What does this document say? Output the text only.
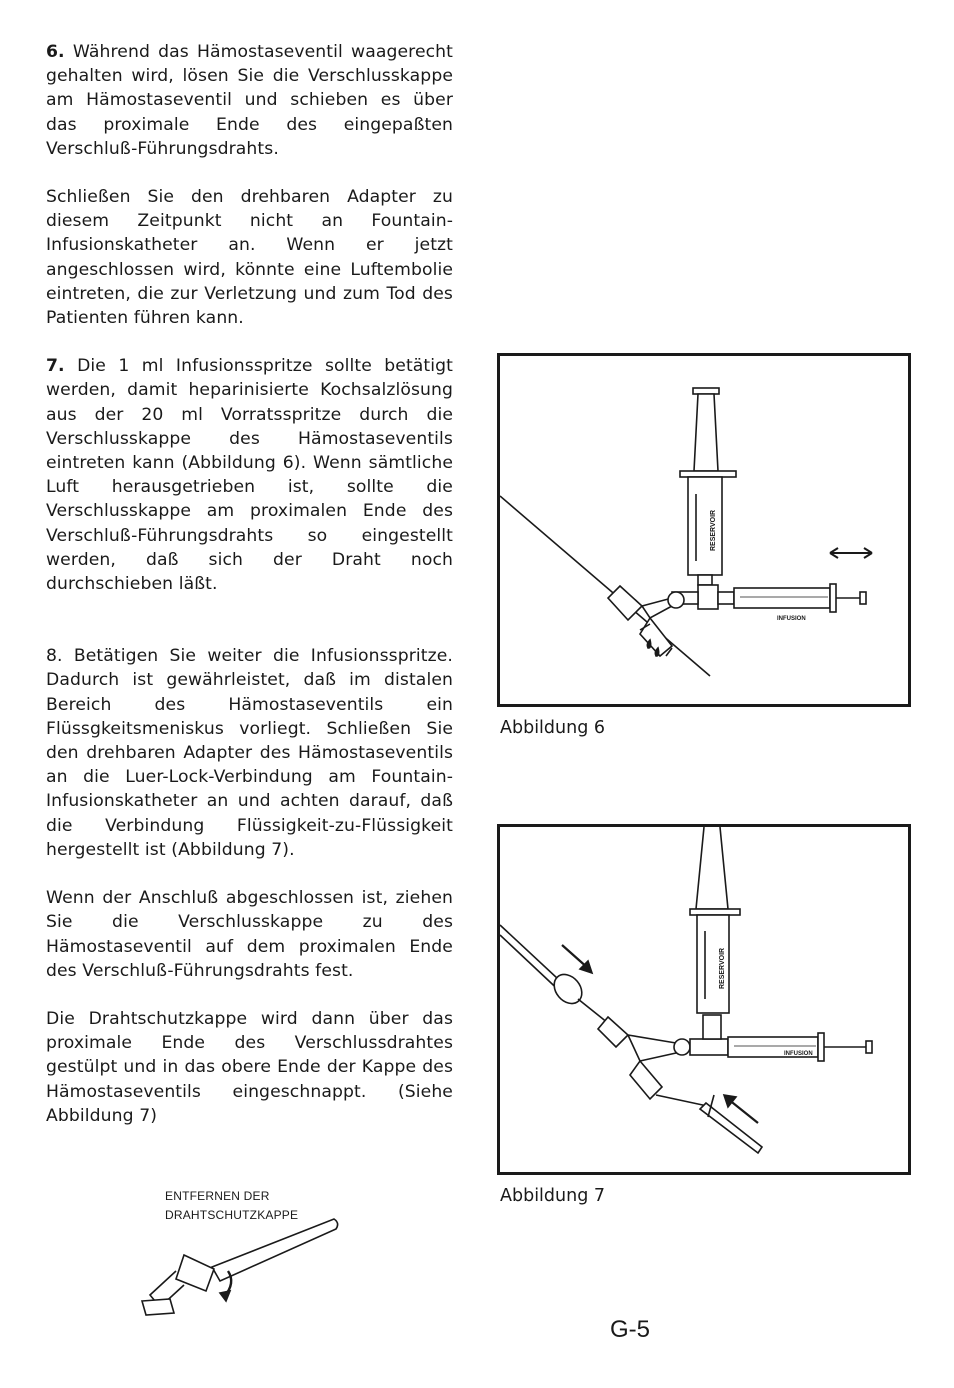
6. Während das Hämostaseventil waagerecht gehalten wird, lösen Sie die Verschlusskappe am Hämostaseventil und schieben es über das proximale Ende des eingepaßten Verschluß-Führungsdrahts.

Schließen Sie den drehbaren Adapter zu diesem Zeitpunkt nicht an Fountain-Infusionskatheter an. Wenn er jetzt angeschlossen wird, könnte eine Luftembolie eintreten, die zur Verletzung und zum Tod des Patienten führen kann.

7. Die 1 ml Infusionsspritze sollte betätigt werden, damit heparinisierte Kochsalzlösung aus der 20 ml Vorratsspritze durch die Verschlusskappe des Hämostaseventils eintreten kann (Abbildung 6). Wenn sämtliche Luft herausgetrieben ist, sollte die Verschlusskappe am proximalen Ende des Verschluß-Führungsdrahts so eingestellt werden, daß sich der Draht noch durchschieben läßt.

8. Betätigen Sie weiter die Infusionsspritze. Dadurch ist gewährleistet, daß im distalen Bereich des Hämostaseventils ein Flüssgkeitsmeniskus vorliegt. Schließen Sie den drehbaren Adapter des Hämostaseventils an die Luer-Lock-Verbindung am Fountain-Infusionskatheter an und achten darauf, daß die Verbindung Flüssigkeit-zu-Flüssigkeit hergestellt ist (Abbildung 7).

Wenn der Anschluß abgeschlossen ist, ziehen Sie die Verschlusskappe zu des Hämostaseventil auf dem proximalen Ende des Verschluß-Führungsdrahts fest.

Die Drahtschutzkappe wird dann über das proximale Ende des Verschlussdrahtes gestülpt und in das obere Ende der Kappe des Hämostaseventils eingeschnappt. (Siehe Abbildung 7)

RESERVOIR
INFUSION
Abbildung 6
RESERVOIR
INFUSION
Abbildung 7
ENTFERNEN DER
DRAHTSCHUTZKAPPE
G-5
